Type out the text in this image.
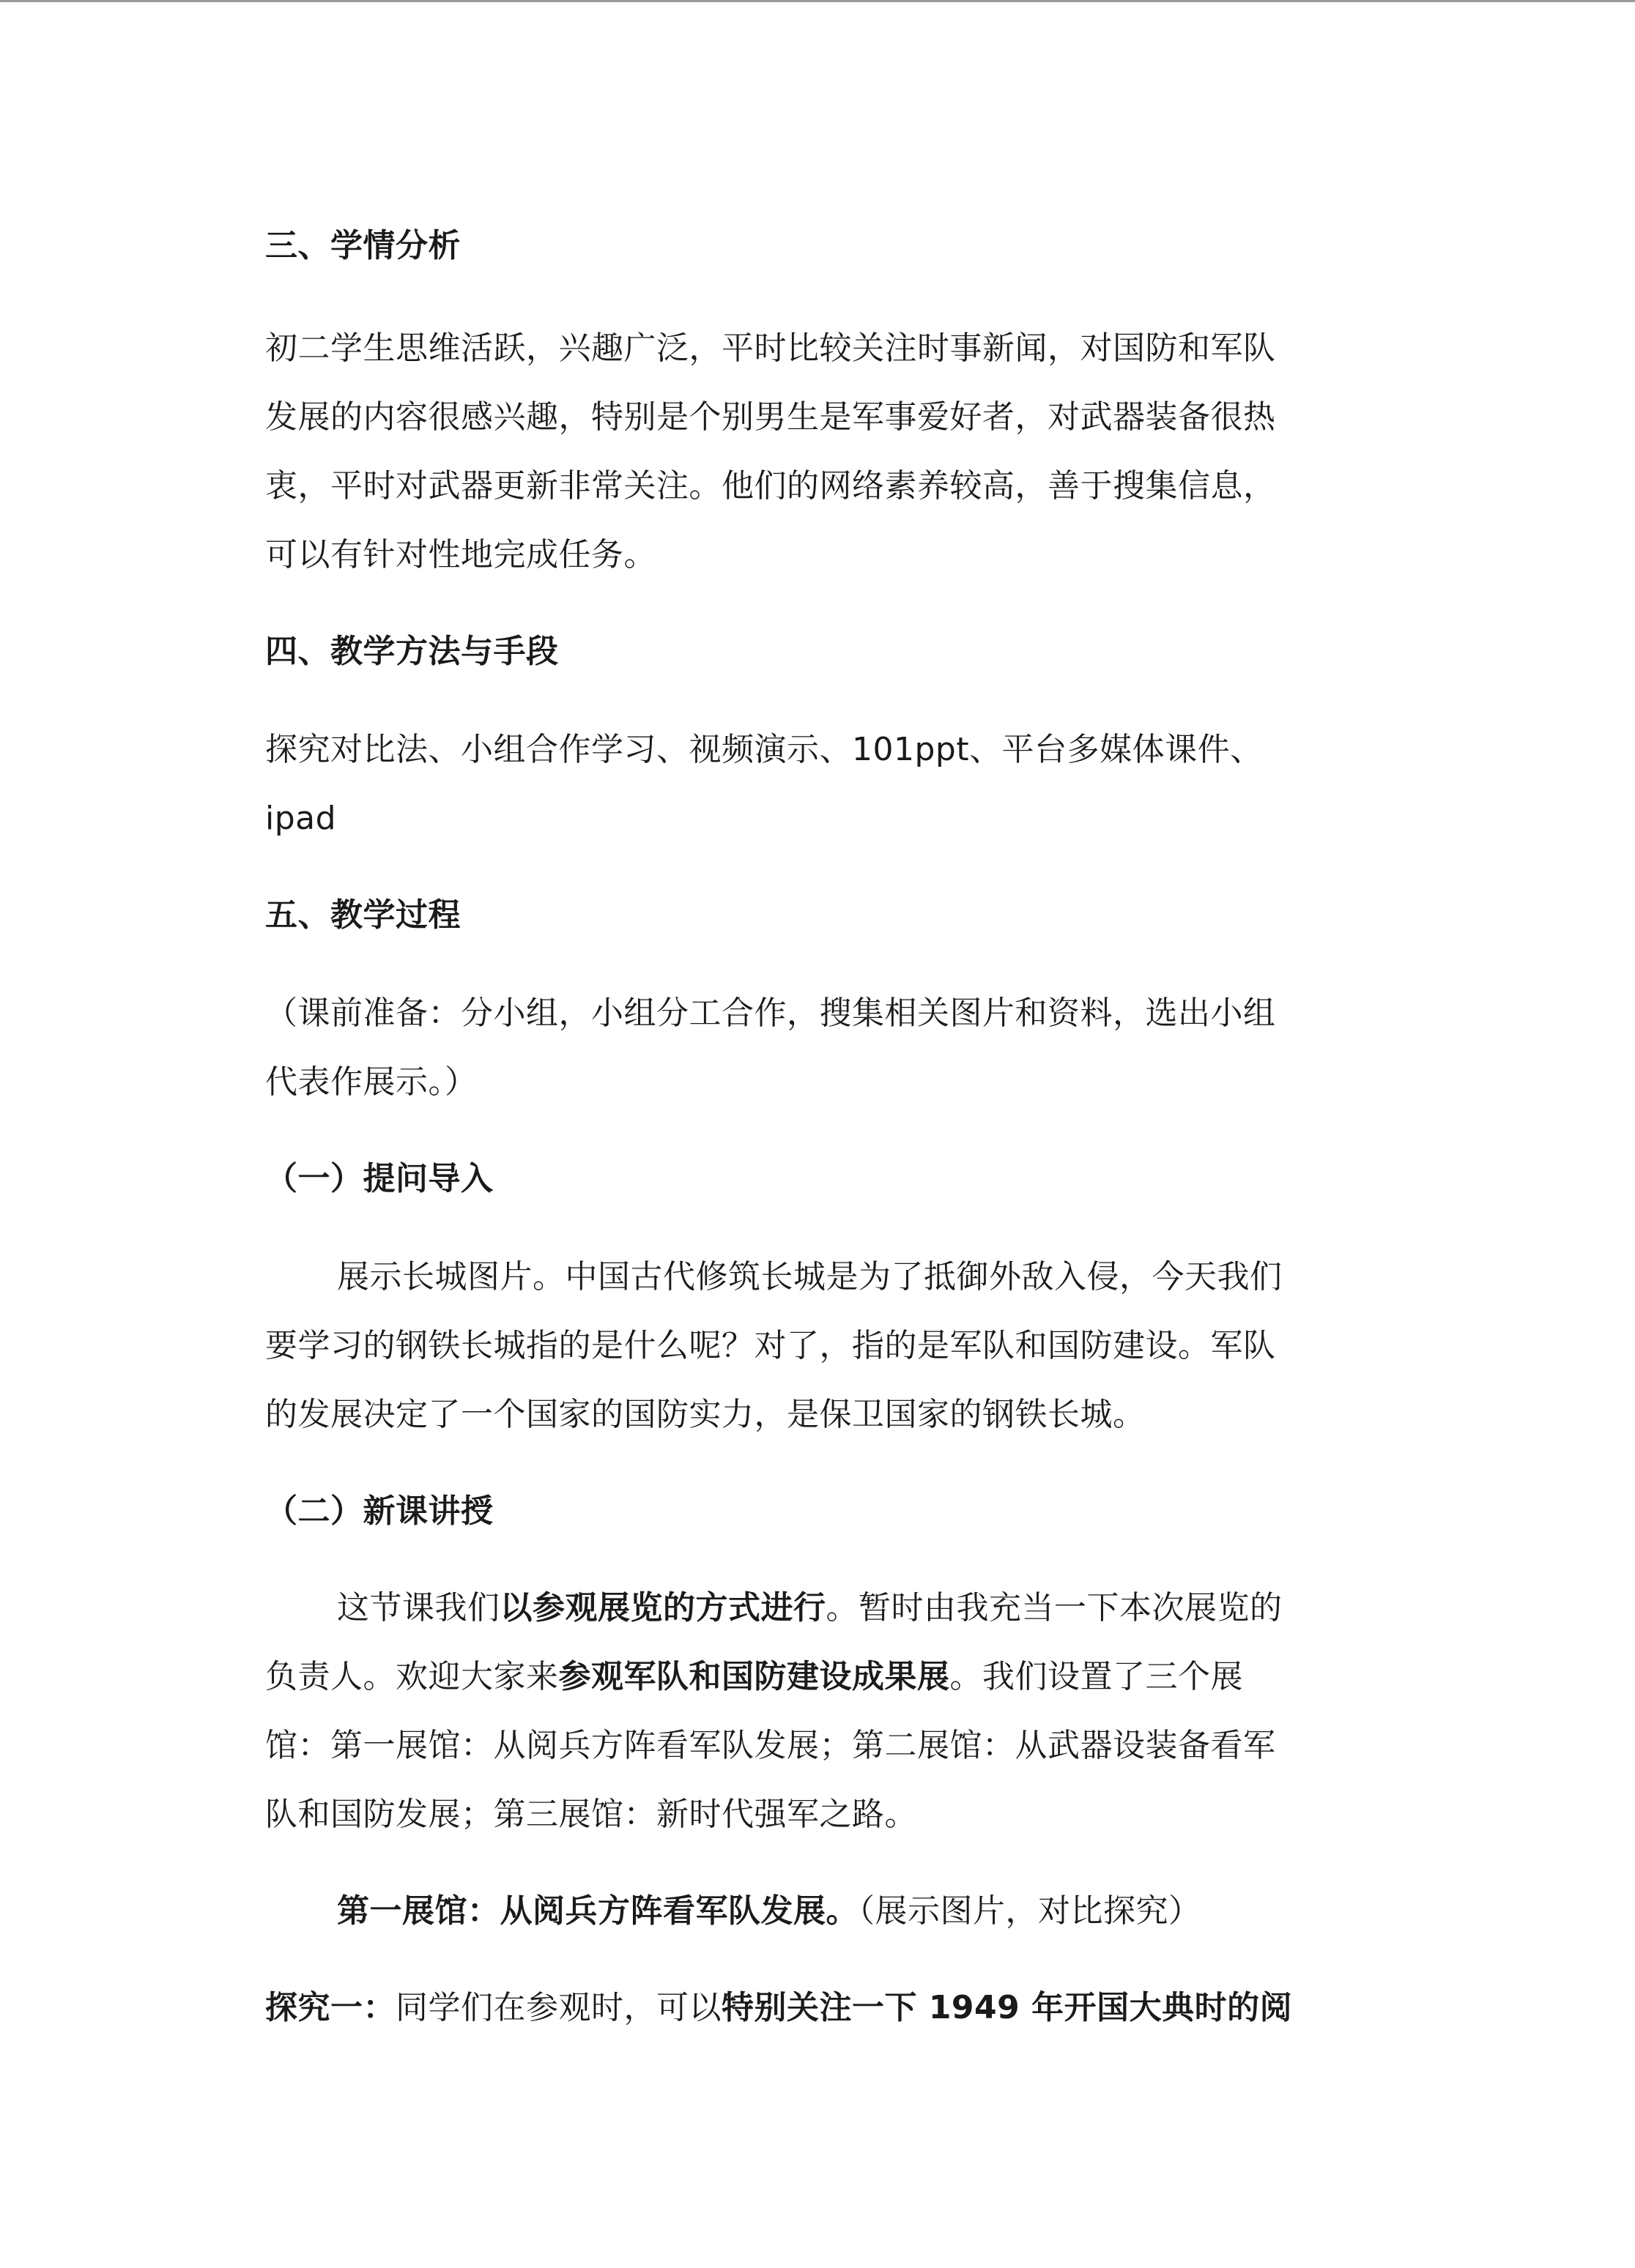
三、学情分析
初二学生思维活跃，兴趣广泛，平时比较关注时事新闻，对国防和军队
发展的内容很感兴趣，特别是个别男生是军事爱好者，对武器装备很热
衷，平时对武器更新非常关注。他们的网络素养较高，善于搜集信息，
可以有针对性地完成任务。
四、教学方法与手段
探究对比法、小组合作学习、视频演示、101ppt、平台多媒体课件、
ipad
五、教学过程
（课前准备：分小组，小组分工合作，搜集相关图片和资料，选出小组
代表作展示。）
（一）提问导入
展示长城图片。中国古代修筑长城是为了抵御外敌入侵，今天我们
要学习的钢铁长城指的是什么呢？对了，指的是军队和国防建设。军队
的发展决定了一个国家的国防实力，是保卫国家的钢铁长城。
（二）新课讲授
这节课我们以参观展览的方式进行。暂时由我充当一下本次展览的
负责人。欢迎大家来参观军队和国防建设成果展。我们设置了三个展
馆：第一展馆：从阅兵方阵看军队发展；第二展馆：从武器设装备看军
队和国防发展；第三展馆：新时代强军之路。
第一展馆：从阅兵方阵看军队发展。（展示图片，对比探究）
探究一：同学们在参观时，可以特别关注一下 1949 年开国大典时的阅
